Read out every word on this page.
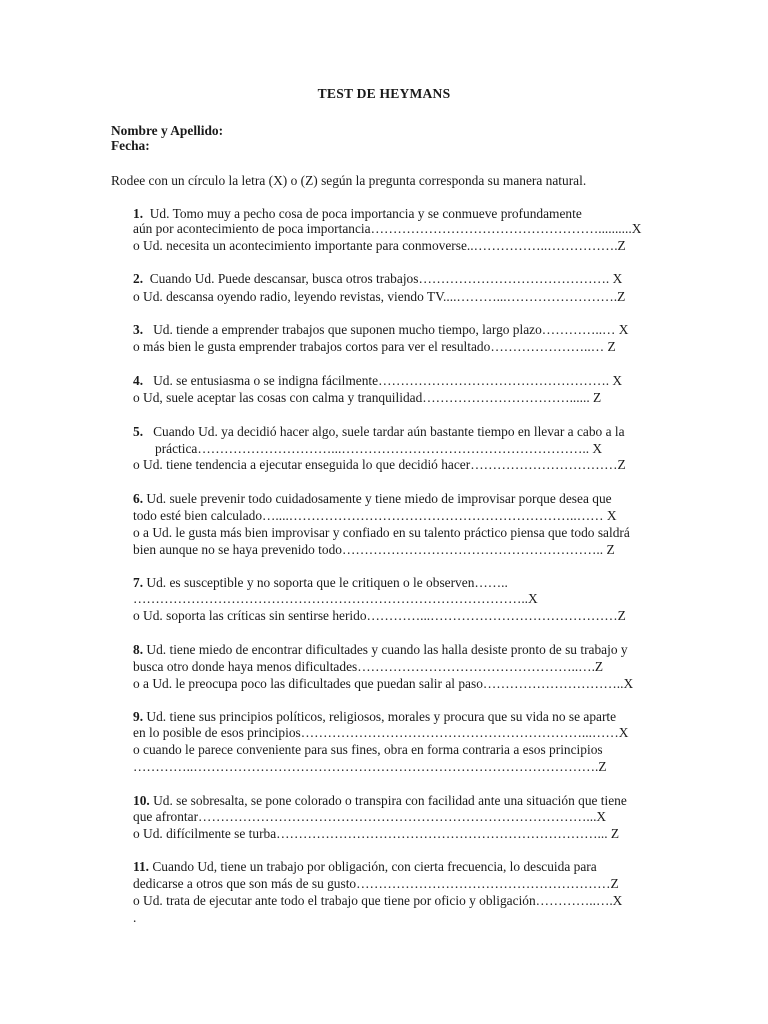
TEST DE HEYMANS
Nombre y Apellido:
Fecha:
Rodee con un círculo la letra (X) o (Z) según la pregunta corresponda su manera natural.
1. Ud. Tomo muy a pecho cosa de poca importancia y se conmueve profundamente
aún por acontecimiento de poca importancia……………………………………………..........X
o Ud. necesita un acontecimiento importante para conmoverse..……………..…………….Z
2. Cuando Ud. Puede descansar, busca otros trabajos……………………………………. X
o Ud. descansa oyendo radio, leyendo revistas, viendo TV....………...…………………….Z
3. Ud. tiende a emprender trabajos que suponen mucho tiempo, largo plazo…………..… X
o más bien le gusta emprender trabajos cortos para ver el resultado…………………..… Z
4. Ud. se entusiasma o se indigna fácilmente……………………………………………. X
o Ud, suele aceptar las cosas con calma y tranquilidad……………………………...... Z
5. Cuando Ud. ya decidió hacer algo, suele tardar aún bastante tiempo en llevar a cabo a la
práctica…………………………...……………………………………………….. X
o Ud. tiene tendencia a ejecutar enseguida lo que decidió hacer……………………………Z
6. Ud. suele prevenir todo cuidadosamente y tiene miedo de improvisar porque desea que
todo esté bien calculado…....………………………………………………………..…… X
o a Ud. le gusta más bien improvisar y confiado en su talento práctico piensa que todo saldrá
bien aunque no se haya prevenido todo………………………………………………….. Z
7. Ud. es susceptible y no soporta que le critiquen o le observen……..
……………………………………………………………………………..X
o Ud. soporta las críticas sin sentirse herido…………...……………………………………Z
8. Ud. tiene miedo de encontrar dificultades y cuando las halla desiste pronto de su trabajo y
busca otro donde haya menos dificultades…………………………………………..….Z
o a Ud. le preocupa poco las dificultades que puedan salir al paso…………………………..X
9. Ud. tiene sus principios políticos, religiosos, morales y procura que su vida no se aparte
en lo posible de esos principios………………………………………………………...……X
o cuando le parece conveniente para sus fines, obra en forma contraria a esos principios
…………..……………………………………………………………………………….Z
10. Ud. se sobresalta, se pone colorado o transpira con facilidad ante una situación que tiene
que afrontar……………………………………………………………………………...X
o Ud. difícilmente se turba………………………………………………………………... Z
11. Cuando Ud, tiene un trabajo por obligación, con cierta frecuencia, lo descuida para
dedicarse a otros que son más de su gusto…………………………………………………Z
o Ud. trata de ejecutar ante todo el trabajo que tiene por oficio y obligación…………..….X
.
